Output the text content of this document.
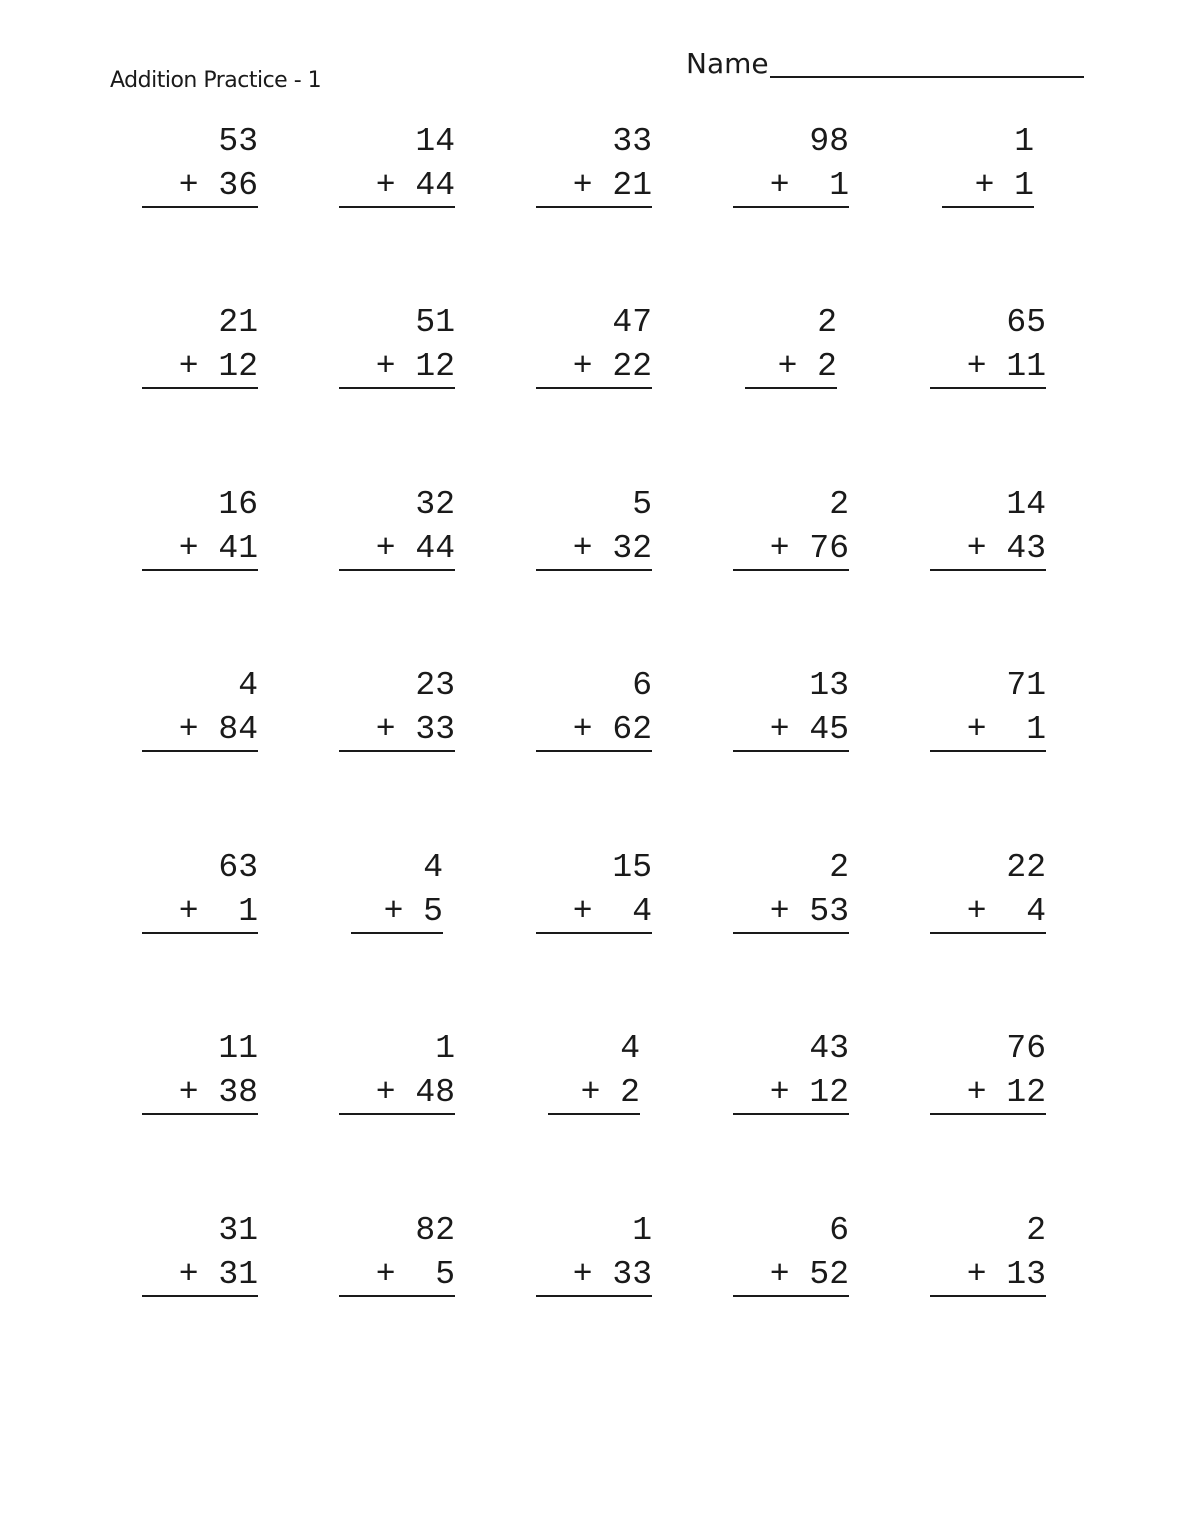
Addition Practice - 1
Name
53
+ 36
14
+ 44
33
+ 21
98
+  1
1
+ 1
21
+ 12
51
+ 12
47
+ 22
2
+ 2
65
+ 11
16
+ 41
32
+ 44
5
+ 32
2
+ 76
14
+ 43
4
+ 84
23
+ 33
6
+ 62
13
+ 45
71
+  1
63
+  1
4
+ 5
15
+  4
2
+ 53
22
+  4
11
+ 38
1
+ 48
4
+ 2
43
+ 12
76
+ 12
31
+ 31
82
+  5
1
+ 33
6
+ 52
2
+ 13
